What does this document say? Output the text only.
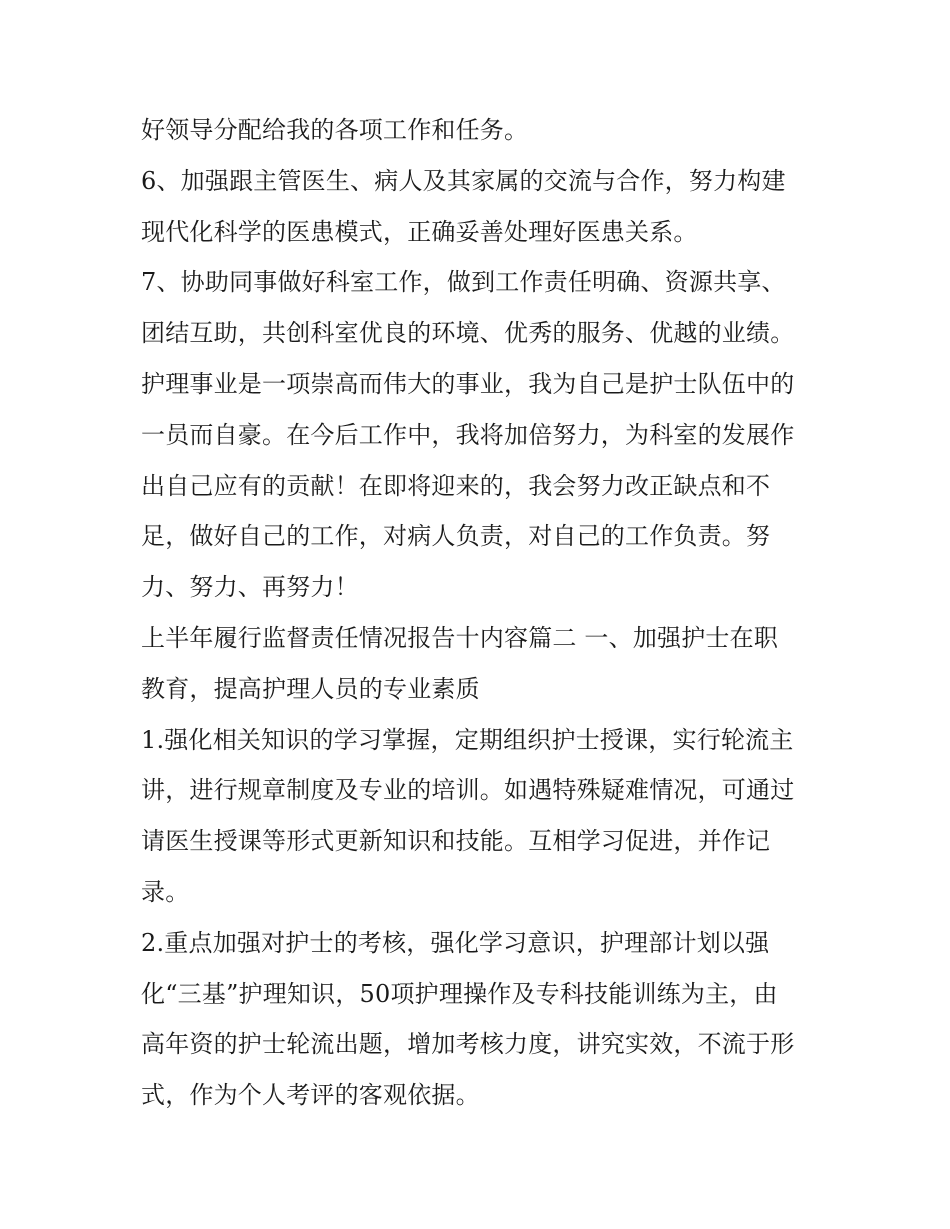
好领导分配给我的各项工作和任务。
6、加强跟主管医生、病人及其家属的交流与合作，努力构建
现代化科学的医患模式，正确妥善处理好医患关系。
7、协助同事做好科室工作，做到工作责任明确、资源共享、
团结互助，共创科室优良的环境、优秀的服务、优越的业绩。
护理事业是一项崇高而伟大的事业，我为自己是护士队伍中的
一员而自豪。在今后工作中，我将加倍努力，为科室的发展作
出自己应有的贡献！在即将迎来的，我会努力改正缺点和不
足，做好自己的工作，对病人负责，对自己的工作负责。努
力、努力、再努力！
上半年履行监督责任情况报告十内容篇二 一、加强护士在职
教育，提高护理人员的专业素质
1.强化相关知识的学习掌握，定期组织护士授课，实行轮流主
讲，进行规章制度及专业的培训。如遇特殊疑难情况，可通过
请医生授课等形式更新知识和技能。互相学习促进，并作记
录。
2.重点加强对护士的考核，强化学习意识，护理部计划以强
化“三基”护理知识，50项护理操作及专科技能训练为主，由
高年资的护士轮流出题，增加考核力度，讲究实效，不流于形
式，作为个人考评的客观依据。
